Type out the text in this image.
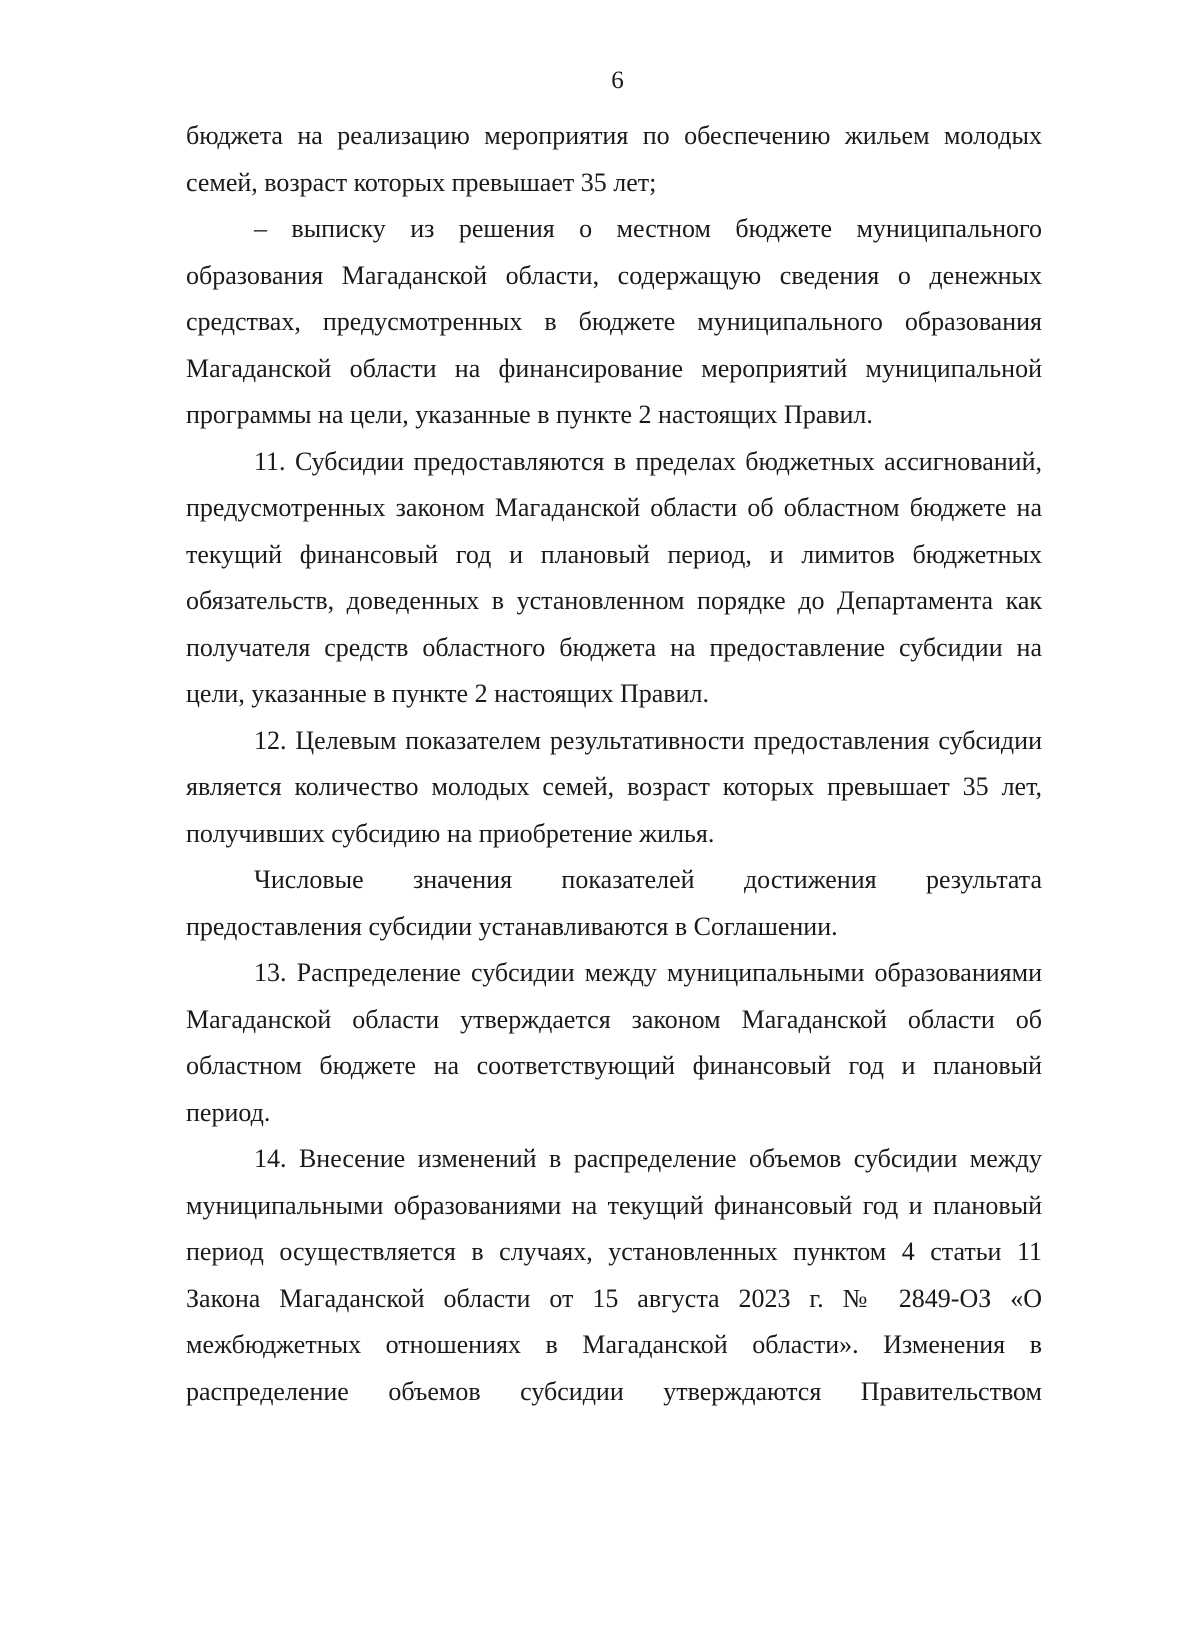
6

бюджета на реализацию мероприятия по обеспечению жильем молодых семей, возраст которых превышает 35 лет;

– выписку из решения о местном бюджете муниципального образования Магаданской области, содержащую сведения о денежных средствах, предусмотренных в бюджете муниципального образования Магаданской области на финансирование мероприятий муниципальной программы на цели, указанные в пункте 2 настоящих Правил.

11. Субсидии предоставляются в пределах бюджетных ассигнований, предусмотренных законом Магаданской области об областном бюджете на текущий финансовый год и плановый период, и лимитов бюджетных обязательств, доведенных в установленном порядке до Департамента как получателя средств областного бюджета на предоставление субсидии на цели, указанные в пункте 2 настоящих Правил.

12. Целевым показателем результативности предоставления субсидии является количество молодых семей, возраст которых превышает 35 лет, получивших субсидию на приобретение жилья.

Числовые значения показателей достижения результата предоставления субсидии устанавливаются в Соглашении.

13. Распределение субсидии между муниципальными образованиями Магаданской области утверждается законом Магаданской области об областном бюджете на соответствующий финансовый год и плановый период.

14. Внесение изменений в распределение объемов субсидии между муниципальными образованиями на текущий финансовый год и плановый период осуществляется в случаях, установленных пунктом 4 статьи 11 Закона Магаданской области от 15 августа 2023 г. № 2849-ОЗ «О межбюджетных отношениях в Магаданской области». Изменения в распределение объемов субсидии утверждаются Правительством
